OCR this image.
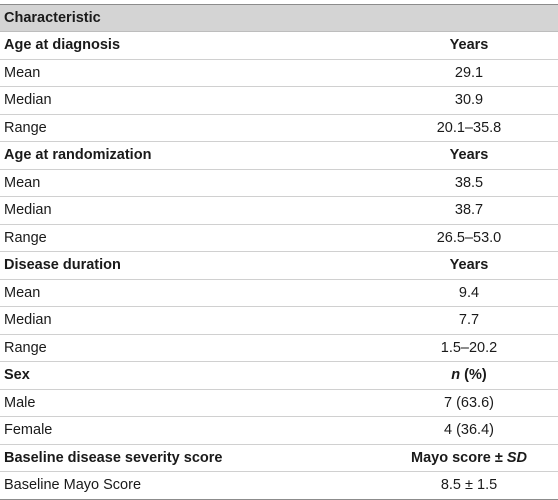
Characteristic
Age at diagnosis	Years
Mean	29.1
Median	30.9
Range	20.1–35.8
Age at randomization	Years
Mean	38.5
Median	38.7
Range	26.5–53.0
Disease duration	Years
Mean	9.4
Median	7.7
Range	1.5–20.2
Sex	n (%)
Male	7 (63.6)
Female	4 (36.4)
Baseline disease severity score	Mayo score ± SD
Baseline Mayo Score	8.5 ± 1.5
